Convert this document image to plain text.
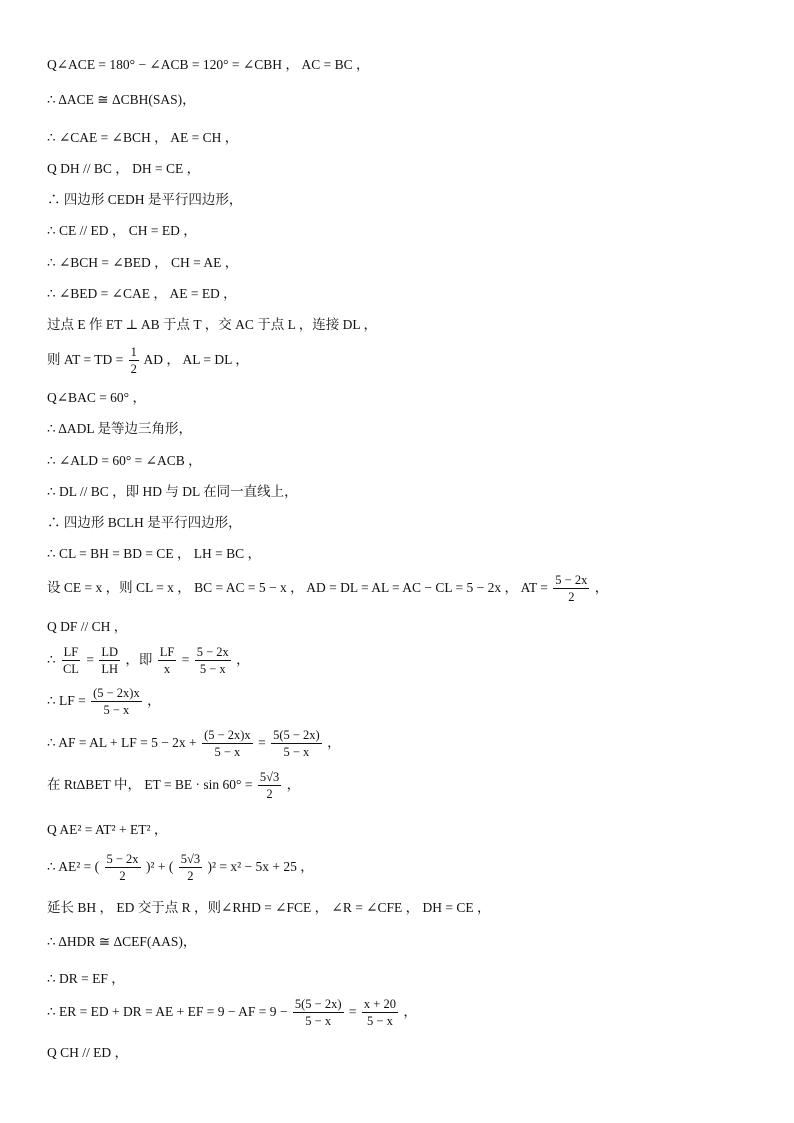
Q∠ACE = 180° − ∠ACB = 120° = ∠CBH ， AC = BC ，
∴ ΔACE ≅ ΔCBH(SAS)，
∴ ∠CAE = ∠BCH ， AE = CH ，
Q DH // BC ， DH = CE ，
∴ 四边形 CEDH 是平行四边形，
∴ CE // ED ， CH = ED ，
∴ ∠BCH = ∠BED ， CH = AE ，
∴ ∠BED = ∠CAE ， AE = ED ，
过点 E 作 ET ⊥ AB 于点 T ，交 AC 于点 L ，连接 DL ，
则 AT = TD = $\frac{1}{2}$ AD ， AL = DL ，
Q∠BAC = 60° ，
∴ ΔADL 是等边三角形，
∴ ∠ALD = 60° = ∠ACB ，
∴ DL // BC ，即 HD 与 DL 在同一直线上，
∴ 四边形 BCLH 是平行四边形，
∴ CL = BH = BD = CE ， LH = BC ，
设 CE = x ，则 CL = x ， BC = AC = 5 − x ， AD = DL = AL = AC − CL = 5 − 2x ， AT = $\frac{5 - 2x}{2}$ ，
Q DF // CH ，
∴ $\frac{LF}{CL} = \frac{LD}{LH}$ ，即 $\frac{LF}{x} = \frac{5 - 2x}{5 - x}$ ，
∴ LF = $\frac{(5 - 2x)x}{5 - x}$ ，
∴ AF = AL + LF = $5 - 2x + \frac{(5 - 2x)x}{5 - x} = \frac{5(5 - 2x)}{5 - x}$ ，
在 RtΔBET 中， ET = BE · $\sin 60^\circ = \frac{5√3}{2}$ ，
Q AE² = AT² + ET² ，
∴ AE² = ( $\frac{5 - 2x}{2} )^2$ + ( $\frac{5√3}{2} )^2 = x^2 - 5x + 25$ ，
延长 BH ， ED 交于点 R ，则∠RHD = ∠FCE ， ∠R = ∠CFE ， DH = CE ，
∴ ΔHDR ≅ ΔCEF(AAS)，
∴ DR = EF ，
∴ ER = ED + DR = AE + EF = 9 − AF = $9 - \frac{5(5 - 2x)}{5 - x} = \frac{x + 20}{5 - x}$ ，
Q CH // ED ，
